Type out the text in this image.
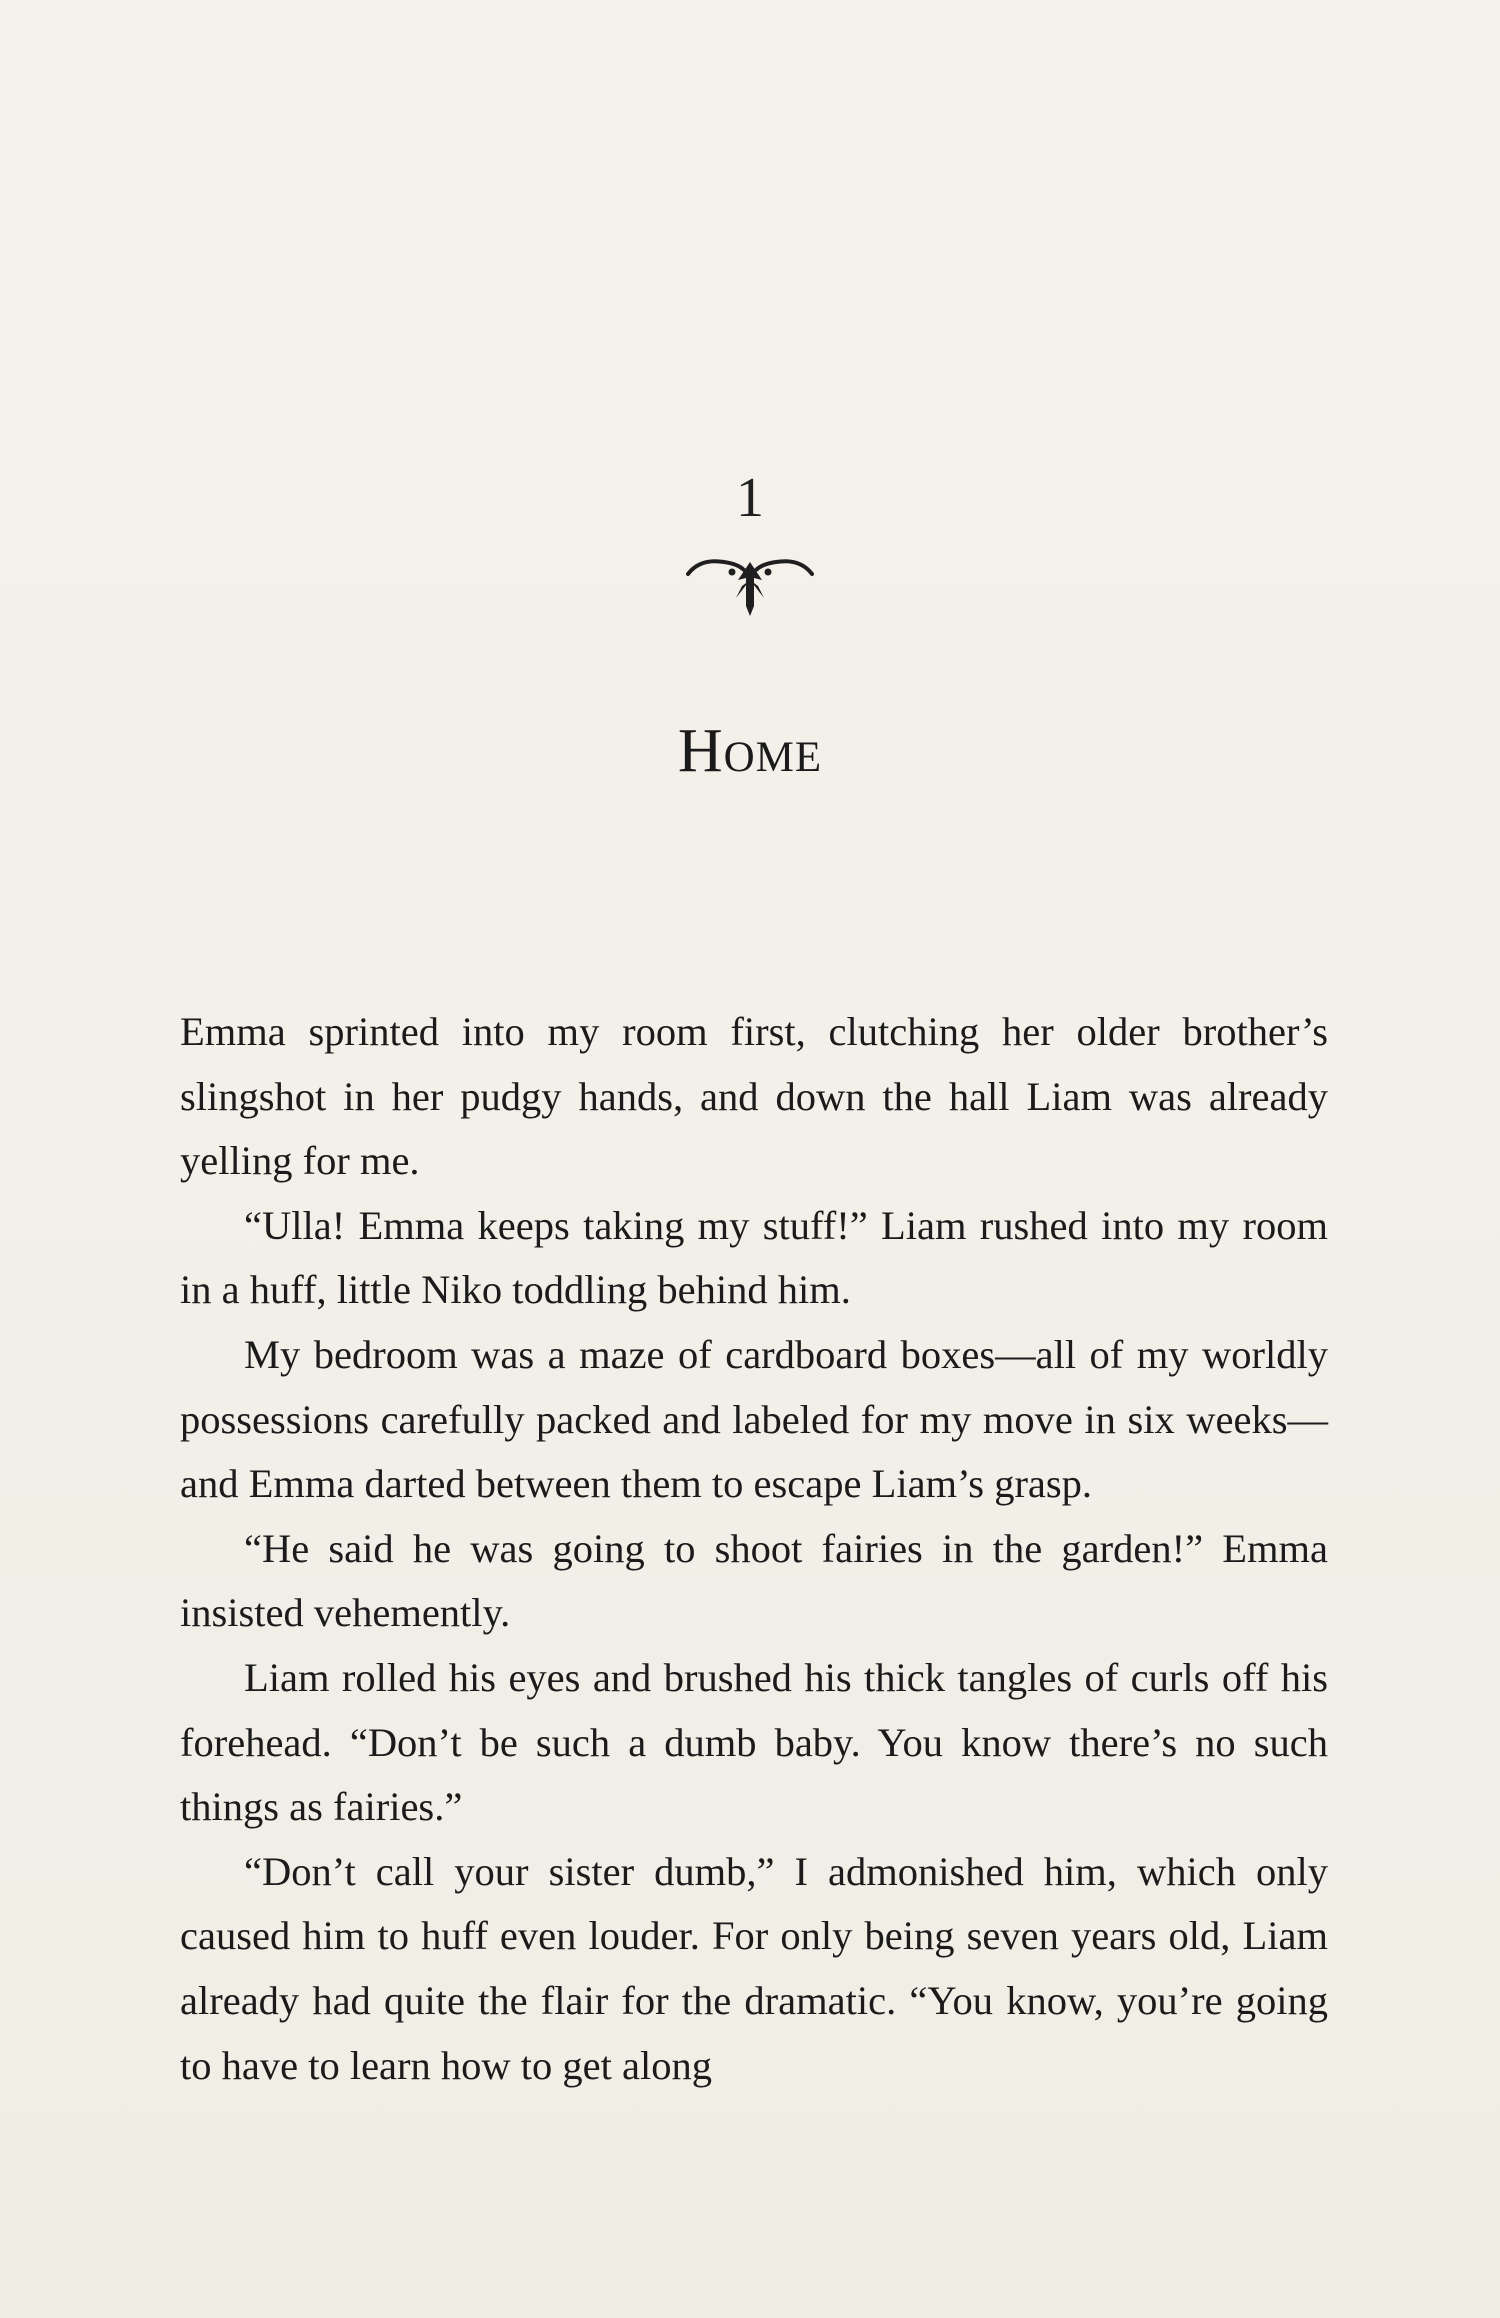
1
Home

Emma sprinted into my room first, clutching her older brother’s slingshot in her pudgy hands, and down the hall Liam was already yelling for me.

“Ulla! Emma keeps taking my stuff!” Liam rushed into my room in a huff, little Niko toddling behind him.

My bedroom was a maze of cardboard boxes—all of my worldly possessions carefully packed and labeled for my move in six weeks—and Emma darted between them to escape Liam’s grasp.

“He said he was going to shoot fairies in the garden!” Emma insisted vehemently.

Liam rolled his eyes and brushed his thick tangles of curls off his forehead. “Don’t be such a dumb baby. You know there’s no such things as fairies.”

“Don’t call your sister dumb,” I admonished him, which only caused him to huff even louder. For only being seven years old, Liam already had quite the flair for the dramatic. “You know, you’re going to have to learn how to get along
